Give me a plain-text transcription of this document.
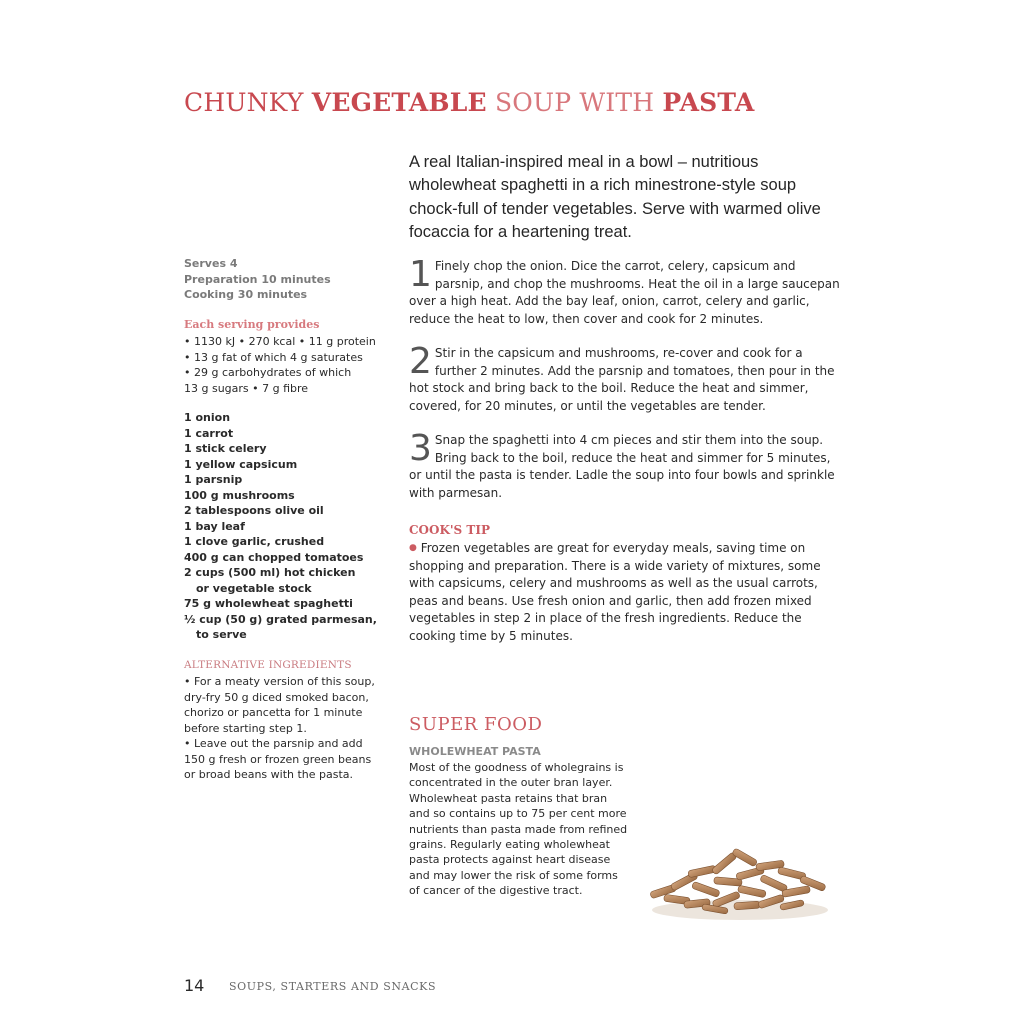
CHUNKY VEGETABLE SOUP WITH PASTA

A real Italian-inspired meal in a bowl – nutritious wholewheat spaghetti in a rich minestrone-style soup chock-full of tender vegetables. Serve with warmed olive focaccia for a heartening treat.

Serves 4
Preparation 10 minutes
Cooking 30 minutes
Each serving provides
• 1130 kJ • 270 kcal • 11 g protein
• 13 g fat of which 4 g saturates
• 29 g carbohydrates of which
13 g sugars • 7 g fibre
1 onion
1 carrot
1 stick celery
1 yellow capsicum
1 parsnip
100 g mushrooms
2 tablespoons olive oil
1 bay leaf
1 clove garlic, crushed
400 g can chopped tomatoes
2 cups (500 ml) hot chicken
or vegetable stock
75 g wholewheat spaghetti
½ cup (50 g) grated parmesan,
to serve
ALTERNATIVE INGREDIENTS
• For a meaty version of this soup, dry-fry 50 g diced smoked bacon, chorizo or pancetta for 1 minute before starting step 1.
• Leave out the parsnip and add 150 g fresh or frozen green beans or broad beans with the pasta.
1 Finely chop the onion. Dice the carrot, celery, capsicum and parsnip, and chop the mushrooms. Heat the oil in a large saucepan over a high heat. Add the bay leaf, onion, carrot, celery and garlic, reduce the heat to low, then cover and cook for 2 minutes.
2 Stir in the capsicum and mushrooms, re-cover and cook for a further 2 minutes. Add the parsnip and tomatoes, then pour in the hot stock and bring back to the boil. Reduce the heat and simmer, covered, for 20 minutes, or until the vegetables are tender.
3 Snap the spaghetti into 4 cm pieces and stir them into the soup. Bring back to the boil, reduce the heat and simmer for 5 minutes, or until the pasta is tender. Ladle the soup into four bowls and sprinkle with parmesan.
COOK'S TIP

● Frozen vegetables are great for everyday meals, saving time on shopping and preparation. There is a wide variety of mixtures, some with capsicums, celery and mushrooms as well as the usual carrots, peas and beans. Use fresh onion and garlic, then add frozen mixed vegetables in step 2 in place of the fresh ingredients. Reduce the cooking time by 5 minutes.

SUPER FOOD
WHOLEWHEAT PASTA

Most of the goodness of wholegrains is concentrated in the outer bran layer. Wholewheat pasta retains that bran and so contains up to 75 per cent more nutrients than pasta made from refined grains. Regularly eating wholewheat pasta protects against heart disease and may lower the risk of some forms of cancer of the digestive tract.

14 SOUPS, STARTERS AND SNACKS
